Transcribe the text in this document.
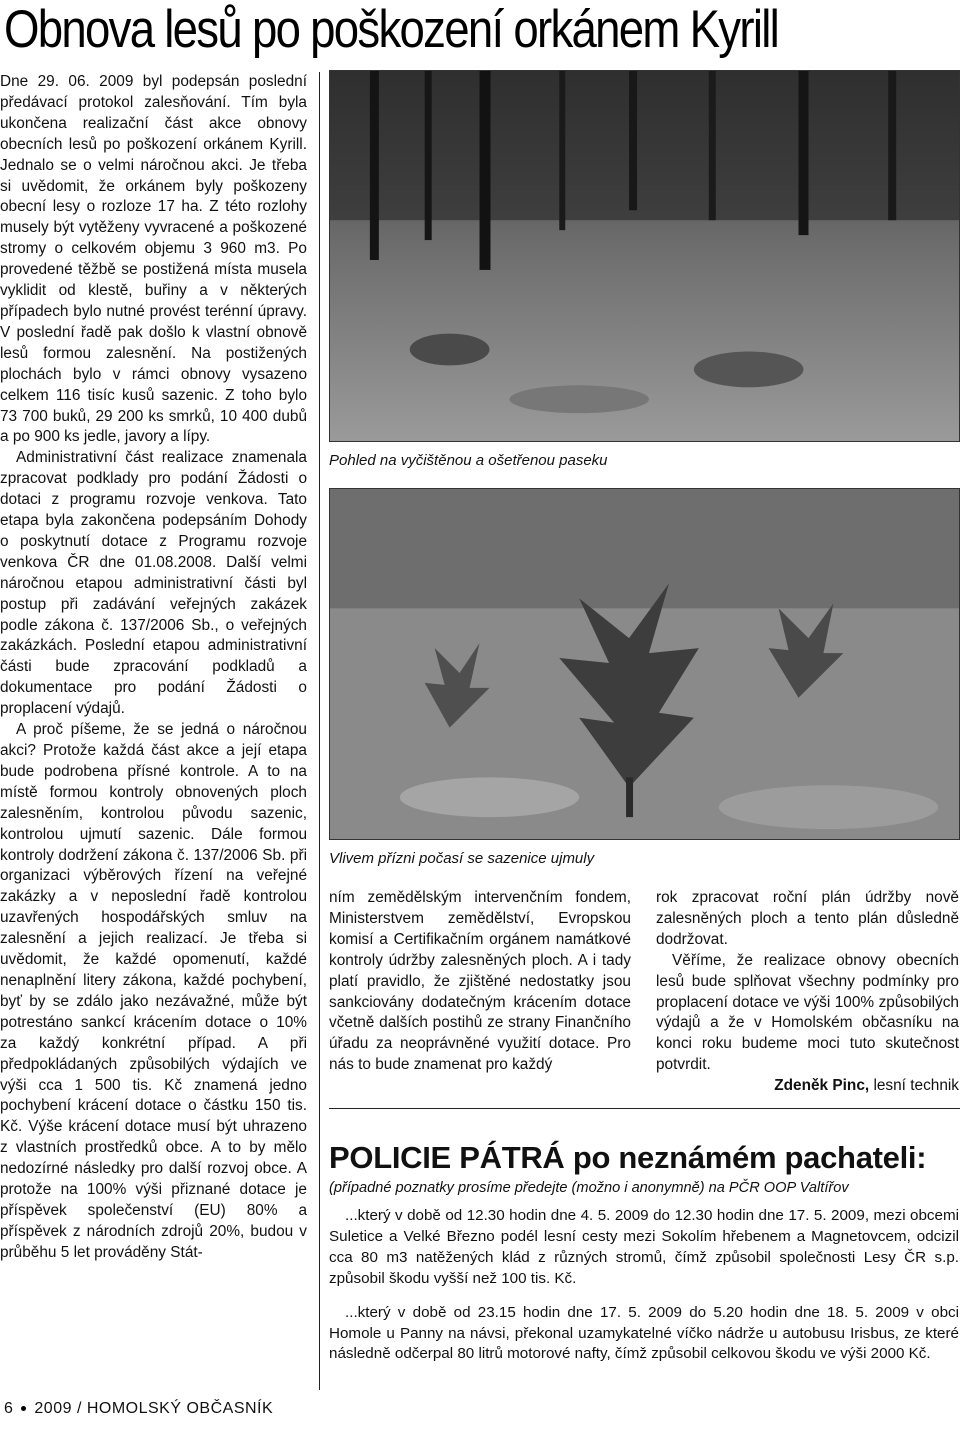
Obnova lesů po poškození orkánem Kyrill

Dne 29. 06. 2009 byl podepsán poslední předávací protokol zalesňování. Tím byla ukončena realizační část akce obnovy obecních lesů po poškození orkánem Kyrill. Jednalo se o velmi náročnou akci. Je třeba si uvědomit, že orkánem byly poškozeny obecní lesy o rozloze 17 ha. Z této rozlohy musely být vytěženy vyvracené a poškozené stromy o celkovém objemu 3 960 m3. Po provedené těžbě se postižená místa musela vyklidit od klestě, buřiny a v některých případech bylo nutné provést terénní úpravy. V poslední řadě pak došlo k vlastní obnově lesů formou zalesnění. Na postižených plochách bylo v rámci obnovy vysazeno celkem 116 tisíc kusů sazenic. Z toho bylo 73 700 buků, 29 200 ks smrků, 10 400 dubů a po 900 ks jedle, javory a lípy.

Administrativní část realizace znamenala zpracovat podklady pro podání Žádosti o dotaci z programu rozvoje venkova. Tato etapa byla zakončena podepsáním Dohody o poskytnutí dotace z Programu rozvoje venkova ČR dne 01.08.2008. Další velmi náročnou etapou administrativní části byl postup při zadávání veřejných zakázek podle zákona č. 137/2006 Sb., o veřejných zakázkách. Poslední etapou administrativní části bude zpracování podkladů a dokumentace pro podání Žádosti o proplacení výdajů.

A proč píšeme, že se jedná o náročnou akci? Protože každá část akce a její etapa bude podrobena přísné kontrole. A to na místě formou kontroly obnovených ploch zalesněním, kontrolou původu sazenic, kontrolou ujmutí sazenic. Dále formou kontroly dodržení zákona č. 137/2006 Sb. při organizaci výběrových řízení na veřejné zakázky a v neposlední řadě kontrolou uzavřených hospodářských smluv na zalesnění a jejich realizací. Je třeba si uvědomit, že každé opomenutí, každé nenaplnění litery zákona, každé pochybení, byť by se zdálo jako nezávažné, může být potrestáno sankcí krácením dotace o 10% za každý konkrétní případ. A při předpokládaných způsobilých výdajích ve výši cca 1 500 tis. Kč znamená jedno pochybení krácení dotace o částku 150 tis. Kč. Výše krácení dotace musí být uhrazeno z vlastních prostředků obce. A to by mělo nedozírné následky pro další rozvoj obce. A protože na 100% výši přiznané dotace je příspěvek společenství (EU) 80% a příspěvek z národních zdrojů 20%, budou v průběhu 5 let prováděny Stát-

Pohled na vyčištěnou a ošetřenou paseku
Vlivem přízni počasí se sazenice ujmuly

ním zemědělským intervenčním fondem, Ministerstvem zemědělství, Evropskou komisí a Certifikačním orgánem namátkové kontroly údržby zalesněných ploch. A i tady platí pravidlo, že zjištěné nedostatky jsou sankciovány dodatečným krácením dotace včetně dalších postihů ze strany Finančního úřadu za neoprávněné využití dotace. Pro nás to bude znamenat pro každý

rok zpracovat roční plán údržby nově zalesněných ploch a tento plán důsledně dodržovat.

Věříme, že realizace obnovy obecních lesů bude splňovat všechny podmínky pro proplacení dotace ve výši 100% způsobilých výdajů a že v Homolském občasníku na konci roku budeme moci tuto skutečnost potvrdit.

Zdeněk Pinc, lesní technik

POLICIE PÁTRÁ po neznámém pachateli:
(případné poznatky prosíme předejte (možno i anonymně) na PČR OOP Valtířov

...který v době od 12.30 hodin dne 4. 5. 2009 do 12.30 hodin dne 17. 5. 2009, mezi obcemi Suletice a Velké Březno podél lesní cesty mezi Sokolím hřebenem a Magnetovcem, odcizil cca 80 m3 natěžených klád z různých stromů, čímž způsobil společnosti Lesy ČR s.p. způsobil škodu vyšší než 100 tis. Kč.

...který v době od 23.15 hodin dne 17. 5. 2009 do 5.20 hodin dne 18. 5. 2009 v obci Homole u Panny na návsi, překonal uzamykatelné víčko nádrže u autobusu Irisbus, ze které následně odčerpal 80 litrů motorové nafty, čímž způsobil celkovou škodu ve výši 2000 Kč.

6 2009 / HOMOLSKÝ OBČASNÍK
